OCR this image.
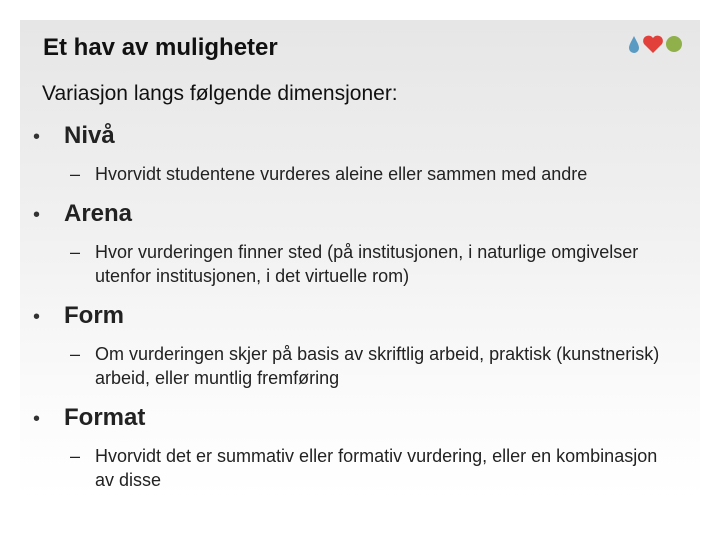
Et hav av muligheter

Variasjon langs følgende dimensjoner:

• Nivå
– Hvorvidt studentene vurderes aleine eller sammen med andre
• Arena
– Hvor vurderingen finner sted (på institusjonen, i naturlige omgivelser utenfor institusjonen, i det virtuelle rom)
• Form
– Om vurderingen skjer på basis av skriftlig arbeid, praktisk (kunstnerisk) arbeid, eller muntlig fremføring
• Format
– Hvorvidt det er summativ eller formativ vurdering, eller en kombinasjon av disse
